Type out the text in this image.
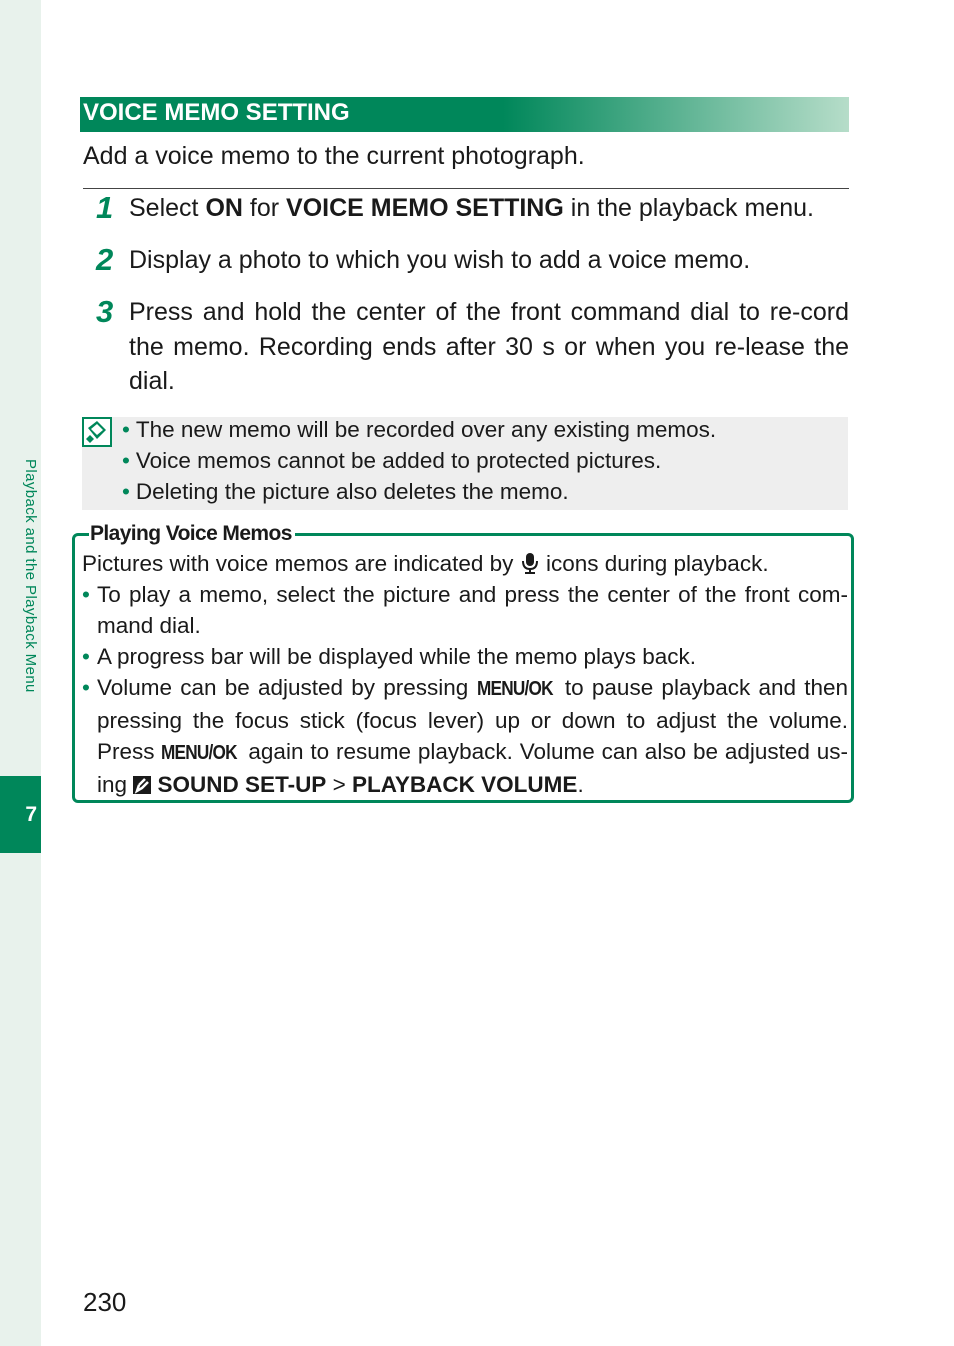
Playback and the Playback Menu
7
VOICE MEMO SETTING
Add a voice memo to the current photograph.
1 Select ON for VOICE MEMO SETTING in the playback menu.
2 Display a photo to which you wish to add a voice memo.
3 Press and hold the center of the front command dial to re-cord the memo. Recording ends after 30 s or when you re-lease the dial.
• The new memo will be recorded over any existing memos.
• Voice memos cannot be added to protected pictures.
• Deleting the picture also deletes the memo.
Playing Voice Memos
Pictures with voice memos are indicated by  icons during playback.
• To play a memo, select the picture and press the center of the front com-mand dial.
• A progress bar will be displayed while the memo plays back.
• Volume can be adjusted by pressing MENU/OK to pause playback and then pressing the focus stick (focus lever) up or down to adjust the volume. Press MENU/OK again to resume playback. Volume can also be adjusted us-ing  SOUND SET-UP > PLAYBACK VOLUME.
230
